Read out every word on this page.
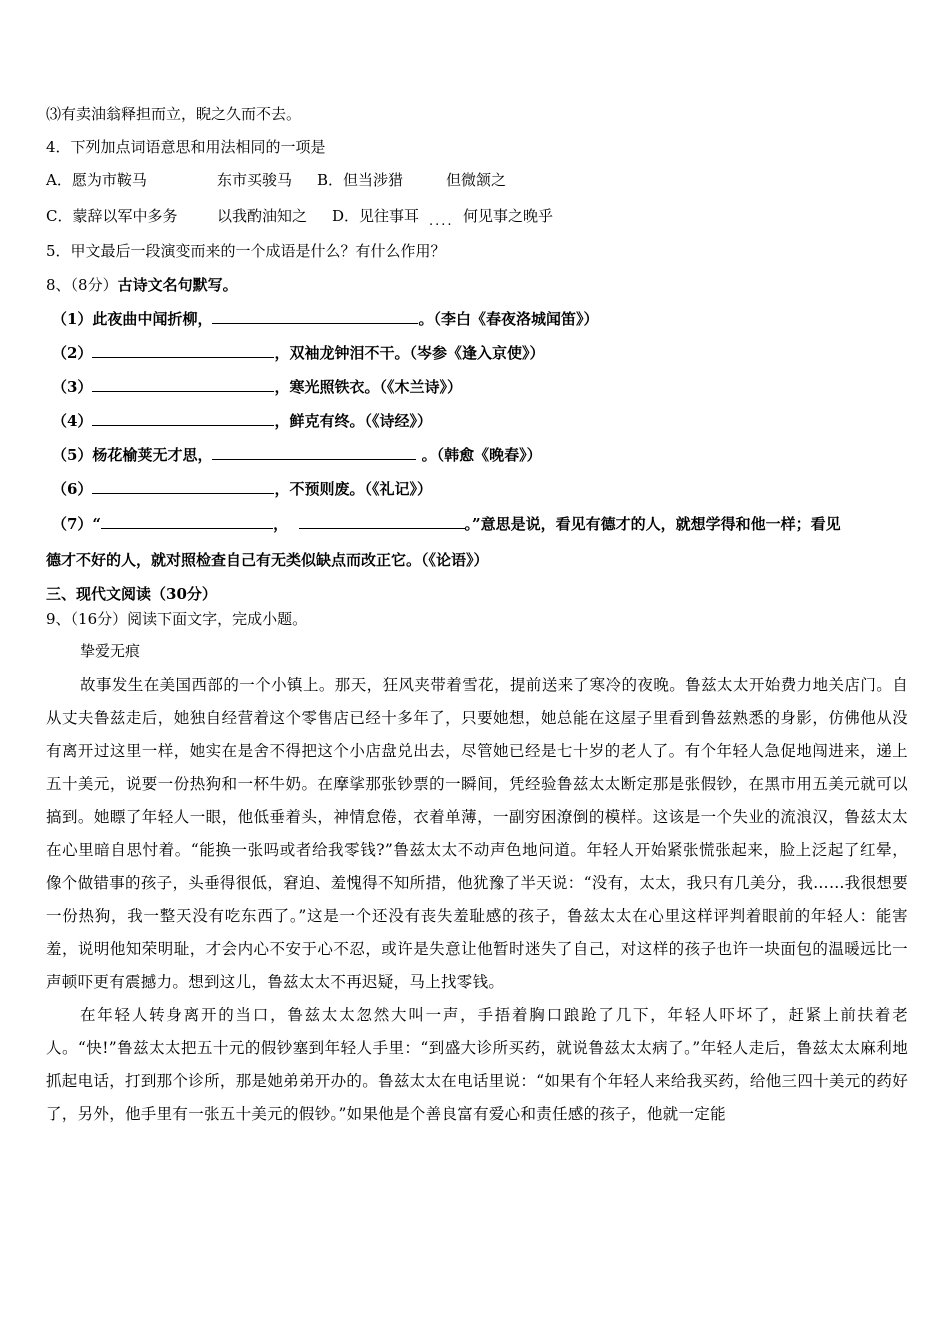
⑶有卖油翁释担而立，睨之久而不去。
4．下列加点词语意思和用法相同的一项是
A．愿为市鞍马	东市买骏马 B．但当涉猎	但微颔之
C．蒙辞以军中多务	以我酌油知之 D．见往事耳 .... 何见事之晚乎
5．甲文最后一段演变而来的一个成语是什么？有什么作用？
8、（8分）古诗文名句默写。
（1）此夜曲中闻折柳，	。（李白《春夜洛城闻笛》）
（2）	，双袖龙钟泪不干。（岑参《逢入京使》）
（3）	，寒光照铁衣。（《木兰诗》）
（4）	，鲜克有终。（《诗经》）
（5）杨花榆荚无才思，	。（韩愈《晚春》）
（6）	，不预则废。（《礼记》）
（7）“	，	。”意思是说，看见有德才的人，就想学得和他一样；看见
德才不好的人，就对照检查自己有无类似缺点而改正它。（《论语》）
三、现代文阅读（30分）
9、（16分）阅读下面文字，完成小题。
挚爱无痕

故事发生在美国西部的一个小镇上。那天，狂风夹带着雪花，提前送来了寒冷的夜晚。鲁兹太太开始费力地关店门。自从丈夫鲁兹走后，她独自经营着这个零售店已经十多年了，只要她想，她总能在这屋子里看到鲁兹熟悉的身影，仿佛他从没有离开过这里一样，她实在是舍不得把这个小店盘兑出去，尽管她已经是七十岁的老人了。有个年轻人急促地闯进来，递上五十美元，说要一份热狗和一杯牛奶。在摩挲那张钞票的一瞬间，凭经验鲁兹太太断定那是张假钞，在黑市用五美元就可以搞到。她瞟了年轻人一眼，他低垂着头，神情怠倦，衣着单薄，一副穷困潦倒的模样。这该是一个失业的流浪汉，鲁兹太太在心里暗自思忖着。“能换一张吗或者给我零钱?”鲁兹太太不动声色地问道。年轻人开始紧张慌张起来，脸上泛起了红晕，像个做错事的孩子，头垂得很低，窘迫、羞愧得不知所措，他犹豫了半天说：“没有，太太，我只有几美分，我……我很想要一份热狗，我一整天没有吃东西了。”这是一个还没有丧失羞耻感的孩子，鲁兹太太在心里这样评判着眼前的年轻人：能害羞，说明他知荣明耻，才会内心不安于心不忍，或许是失意让他暂时迷失了自己，对这样的孩子也许一块面包的温暖远比一声顿吓更有震撼力。想到这儿，鲁兹太太不再迟疑，马上找零钱。

在年轻人转身离开的当口，鲁兹太太忽然大叫一声，手捂着胸口踉跄了几下，年轻人吓坏了，赶紧上前扶着老人。“快!”鲁兹太太把五十元的假钞塞到年轻人手里：“到盛大诊所买药，就说鲁兹太太病了。”年轻人走后，鲁兹太太麻利地抓起电话，打到那个诊所，那是她弟弟开办的。鲁兹太太在电话里说：“如果有个年轻人来给我买药，给他三四十美元的药好了，另外，他手里有一张五十美元的假钞。”如果他是个善良富有爱心和责任感的孩子，他就一定能
